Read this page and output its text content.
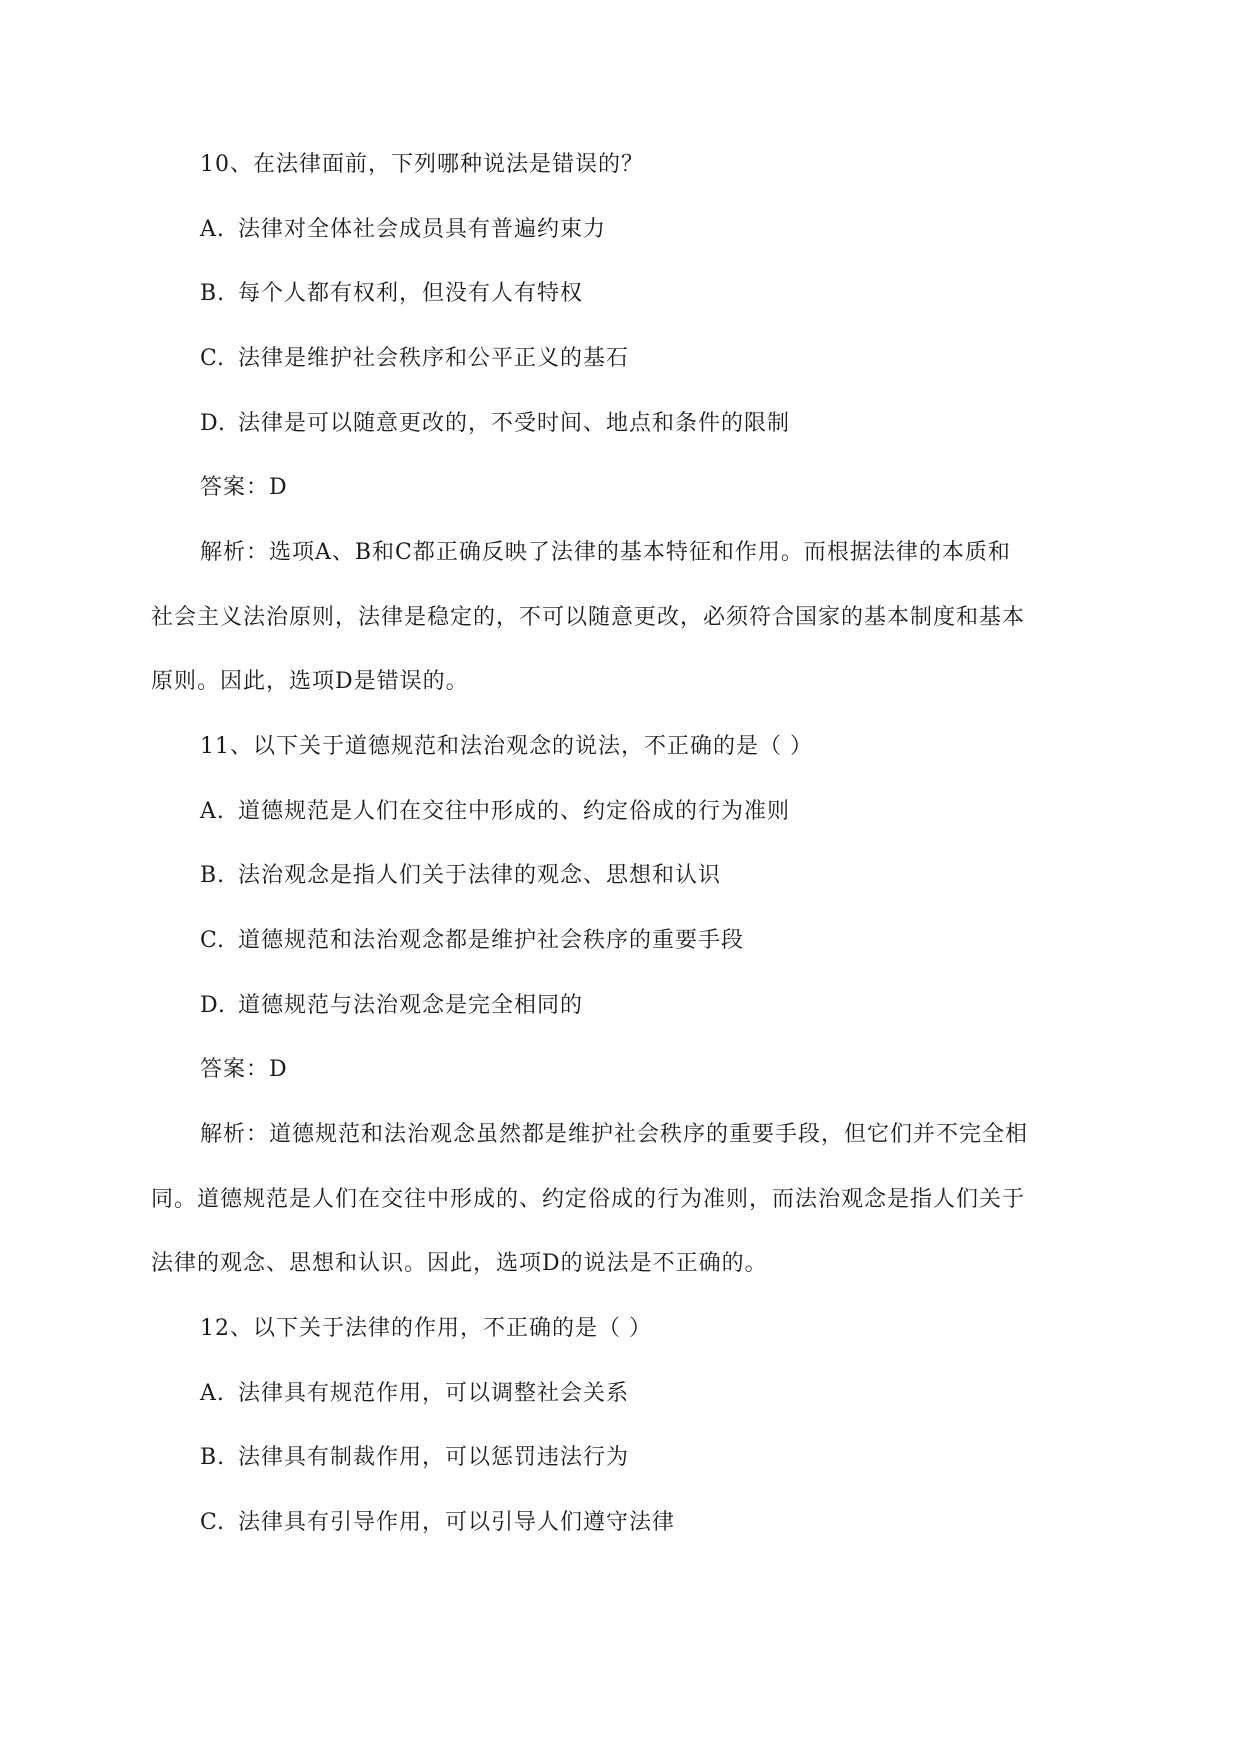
10、在法律面前，下列哪种说法是错误的？
A. 法律对全体社会成员具有普遍约束力
B. 每个人都有权利，但没有人有特权
C. 法律是维护社会秩序和公平正义的基石
D. 法律是可以随意更改的，不受时间、地点和条件的限制
答案：D
解析：选项A、B和C都正确反映了法律的基本特征和作用。而根据法律的本质和
社会主义法治原则，法律是稳定的，不可以随意更改，必须符合国家的基本制度和基本
原则。因此，选项D是错误的。
11、以下关于道德规范和法治观念的说法，不正确的是（ ）
A. 道德规范是人们在交往中形成的、约定俗成的行为准则
B. 法治观念是指人们关于法律的观念、思想和认识
C. 道德规范和法治观念都是维护社会秩序的重要手段
D. 道德规范与法治观念是完全相同的
答案：D
解析：道德规范和法治观念虽然都是维护社会秩序的重要手段，但它们并不完全相
同。道德规范是人们在交往中形成的、约定俗成的行为准则，而法治观念是指人们关于
法律的观念、思想和认识。因此，选项D的说法是不正确的。
12、以下关于法律的作用，不正确的是（ ）
A. 法律具有规范作用，可以调整社会关系
B. 法律具有制裁作用，可以惩罚违法行为
C. 法律具有引导作用，可以引导人们遵守法律
